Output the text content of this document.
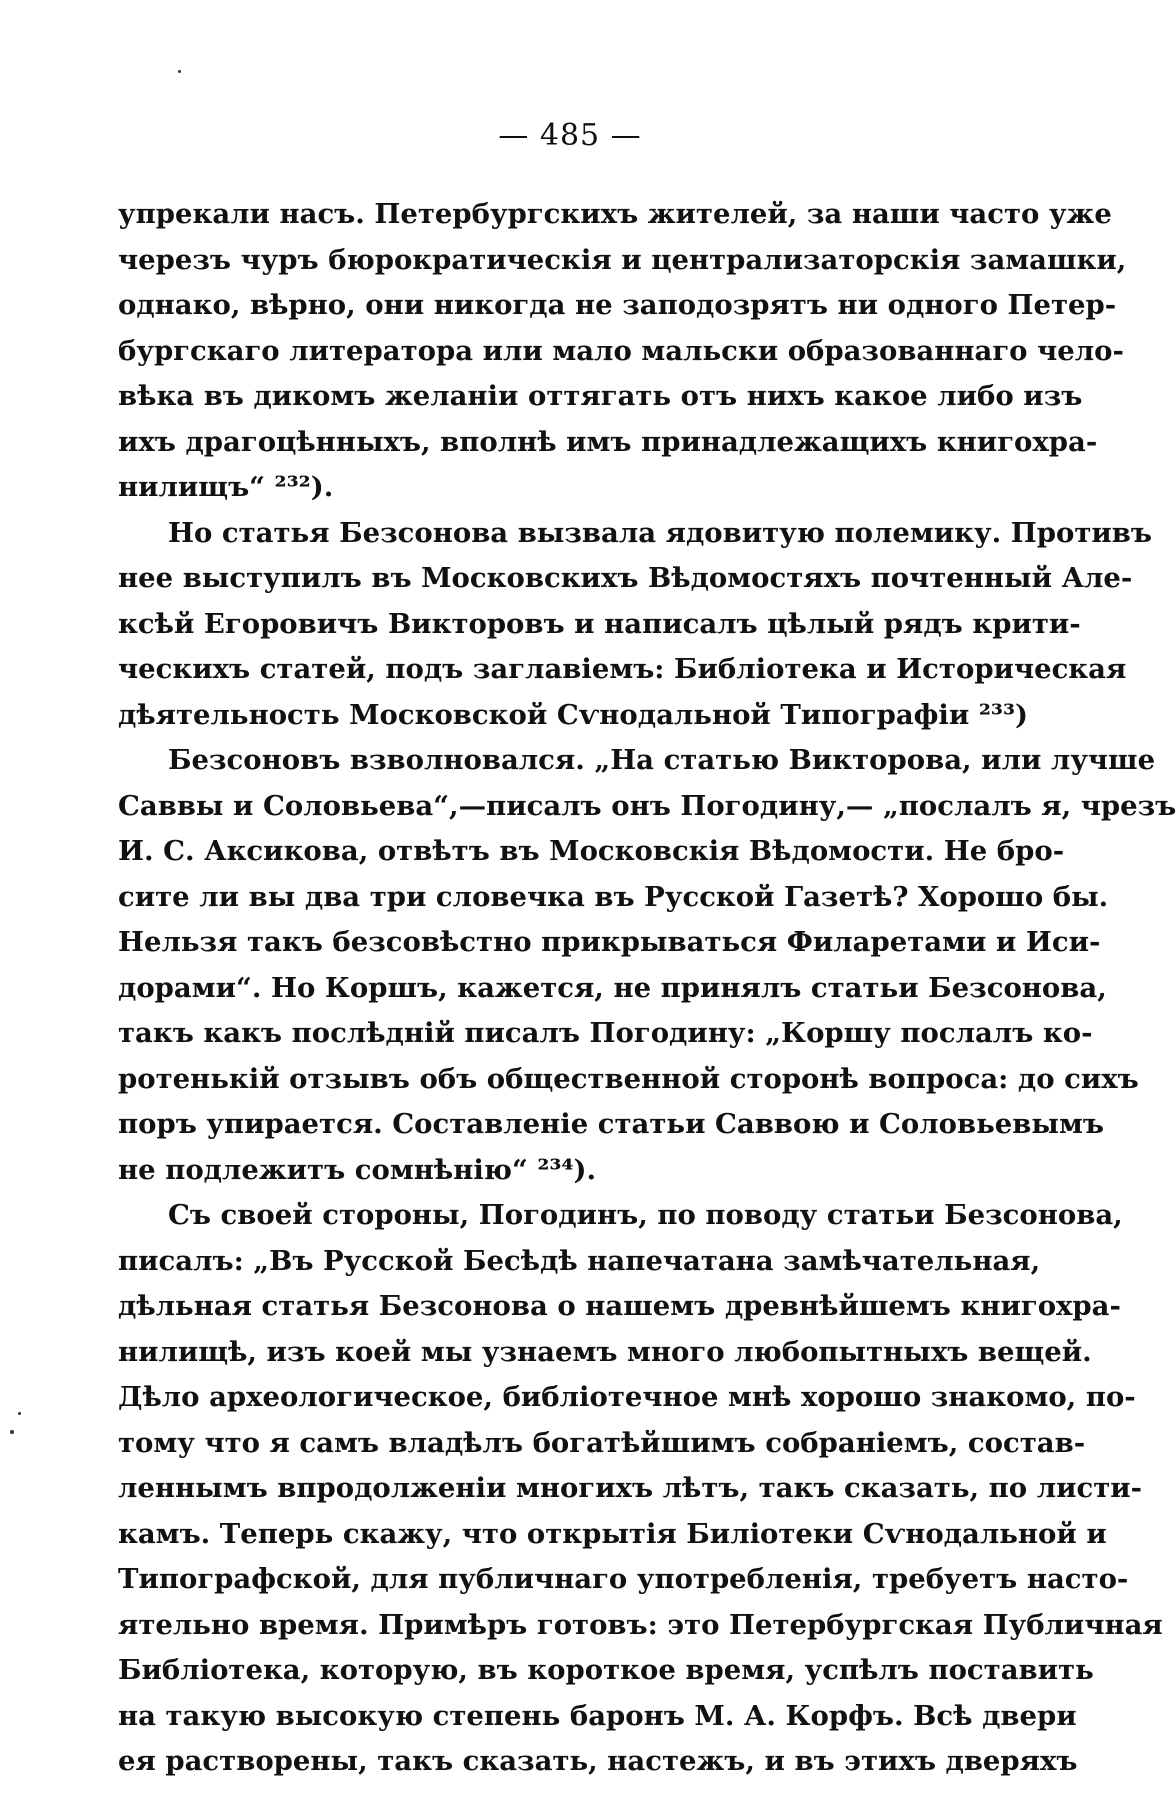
— 485 —
упрекали насъ. Петербургскихъ жителей, за наши часто уже
черезъ чуръ бюрократическія и централизаторскія замашки,
однако, вѣрно, они никогда не заподозрятъ ни одного Петер-
бургскаго литератора или мало мальски образованнаго чело-
вѣка въ дикомъ желаніи оттягать отъ нихъ какое либо изъ
ихъ драгоцѣнныхъ, вполнѣ имъ принадлежащихъ книгохра-
нилищъ“ ²³²).
Но статья Безсонова вызвала ядовитую полемику. Противъ
нее выступилъ въ Московскихъ Вѣдомостяхъ почтенный Але-
ксѣй Егоровичъ Викторовъ и написалъ цѣлый рядъ крити-
ческихъ статей, подъ заглавіемъ: Библіотека и Историческая
дѣятельность Московской Сѵнодальной Типографіи ²³³)
Безсоновъ взволновался. „На статью Викторова, или лучше
Саввы и Соловьева“,—писалъ онъ Погодину,— „послалъ я, чрезъ
И. С. Аксикова, отвѣтъ въ Московскія Вѣдомости. Не бро-
сите ли вы два три словечка въ Русской Газетѣ? Хорошо бы.
Нельзя такъ безсовѣстно прикрываться Филаретами и Иси-
дорами“. Но Коршъ, кажется, не принялъ статьи Безсонова,
такъ какъ послѣдній писалъ Погодину: „Коршу послалъ ко-
ротенькій отзывъ объ общественной сторонѣ вопроса: до сихъ
поръ упирается. Составленіе статьи Саввою и Соловьевымъ
не подлежитъ сомнѣнію“ ²³⁴).
Съ своей стороны, Погодинъ, по поводу статьи Безсонова,
писалъ: „Въ Русской Бесѣдѣ напечатана замѣчательная,
дѣльная статья Безсонова о нашемъ древнѣйшемъ книгохра-
нилищѣ, изъ коей мы узнаемъ много любопытныхъ вещей.
Дѣло археологическое, библіотечное мнѣ хорошо знакомо, по-
тому что я самъ владѣлъ богатѣйшимъ собраніемъ, состав-
леннымъ впродолженіи многихъ лѣтъ, такъ сказать, по листи-
камъ. Теперь скажу, что открытія Биліотеки Сѵнодальной и
Типографской, для публичнаго употребленія, требуетъ насто-
ятельно время. Примѣръ готовъ: это Петербургская Публичная
Библіотека, которую, въ короткое время, успѣлъ поставить
на такую высокую степень баронъ М. А. Корфъ. Всѣ двери
ея растворены, такъ сказать, настежъ, и въ этихъ дверяхъ
